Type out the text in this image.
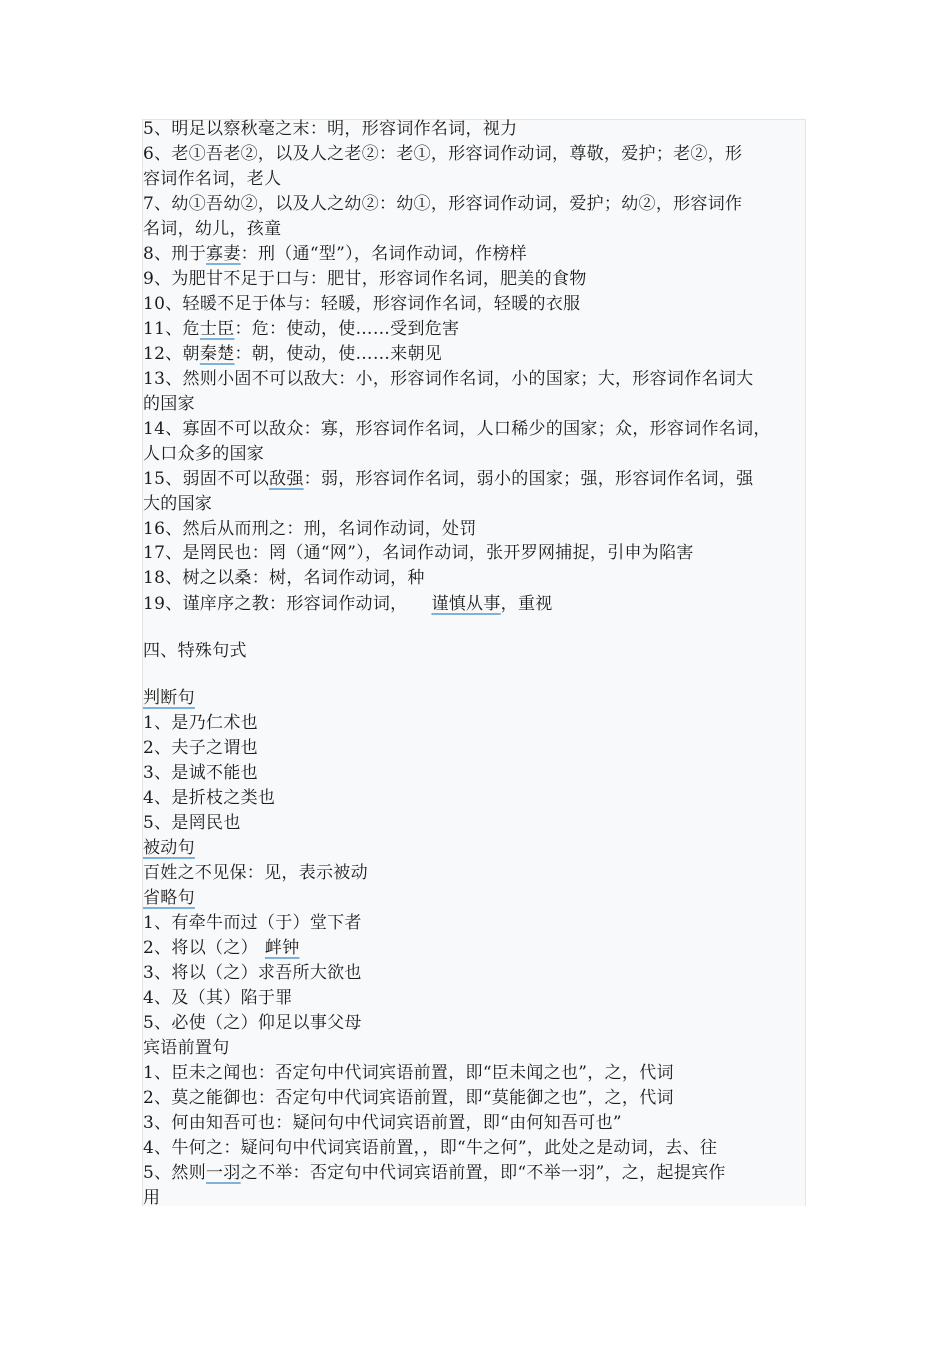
5、明足以察秋毫之末：明，形容词作名词，视力
6、老①吾老②，以及人之老②：老①，形容词作动词，尊敬，爱护；老②，形
容词作名词，老人
7、幼①吾幼②，以及人之幼②：幼①，形容词作动词，爱护；幼②，形容词作
名词，幼儿，孩童
8、刑于寡妻：刑（通“型”），名词作动词，作榜样
9、为肥甘不足于口与：肥甘，形容词作名词，肥美的食物
10、轻暖不足于体与：轻暖，形容词作名词，轻暖的衣服
11、危士臣：危：使动，使……受到危害
12、朝秦楚：朝，使动，使……来朝见
13、然则小固不可以敌大：小，形容词作名词，小的国家；大，形容词作名词大
的国家
14、寡固不可以敌众：寡，形容词作名词，人口稀少的国家；众，形容词作名词，
人口众多的国家
15、弱固不可以敌强：弱，形容词作名词，弱小的国家；强，形容词作名词，强
大的国家
16、然后从而刑之：刑，名词作动词，处罚
17、是罔民也：罔（通“网”），名词作动词，张开罗网捕捉，引申为陷害
18、树之以桑：树，名词作动词，种
19、谨庠序之教：形容词作动词， 谨慎从事，重视
四、特殊句式
判断句
1、是乃仁术也
2、夫子之谓也
3、是诚不能也
4、是折枝之类也
5、是罔民也
被动句
百姓之不见保：见，表示被动
省略句
1、有牵牛而过（于）堂下者
2、将以（之） 衅钟
3、将以（之）求吾所大欲也
4、及（其）陷于罪
5、必使（之）仰足以事父母
宾语前置句
1、臣未之闻也：否定句中代词宾语前置，即“臣未闻之也”，之，代词
2、莫之能御也：否定句中代词宾语前置，即“莫能御之也”，之，代词
3、何由知吾可也：疑问句中代词宾语前置，即“由何知吾可也”
4、牛何之：疑问句中代词宾语前置，，即“牛之何”，此处之是动词，去、往
5、然则一羽之不举：否定句中代词宾语前置，即“不举一羽”，之，起提宾作
用
